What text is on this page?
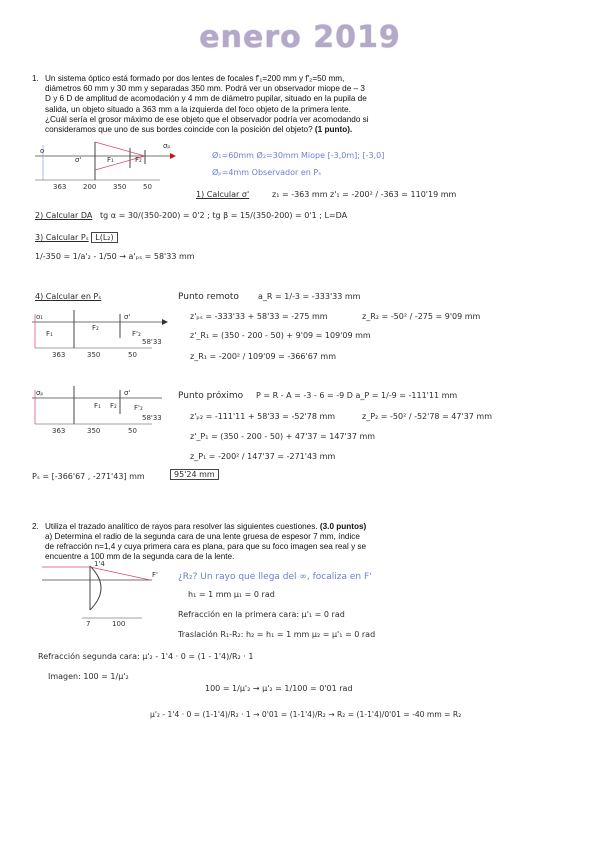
enero 2019
1. Un sistema óptico está formado por dos lentes de focales f'₁=200 mm y f'₂=50 mm, diámetros 60 mm y 30 mm y separadas 350 mm. Podrá ver un observador miope de – 3 D y 6 D de amplitud de acomodación y 4 mm de diámetro pupilar, situado en la pupila de salida, un objeto situado a 363 mm a la izquierda del foco objeto de la primera lente. ¿Cuál sería el grosor máximo de ese objeto que el observador podría ver acomodando si consideramos que uno de sus bordes coincide con la posición del objeto? (1 punto).
o
σ'	F₁	F₂
σₚ
363 200 350 50
Ø₁=60mm Ø₂=30mm Miope [-3,0m]; [-3,0]
Øₚ=4mm Observador en Pₛ
1) Calcular σ'	z₁ = -363 mm z'₁ = -200² / -363 = 110'19 mm
2) Calcular DA tg α = 30/(350-200) = 0'2 ; tg β = 15/(350-200) = 0'1 ; L=DA
3) Calcular Pₛ L(L₂)
1/-350 = 1/a'₂ - 1/50 → a'ₚₛ = 58'33 mm
4) Calcular en Pₛ
o₁
F₁
F₂
F'₂
σ'
363	350	50
58'33
Punto remoto a_R = 1/-3 = -333'33 mm
z'ₚₛ = -333'33 + 58'33 = -275 mm	z_R₂ = -50² / -275 = 9'09 mm
z'_R₁ = (350 - 200 - 50) + 9'09 = 109'09 mm
z_R₁ = -200² / 109'09 = -366'67 mm
σₚ
F₁ F₂ F'₂
σ'
363	350	50
58'33
Punto próximo P = R - A = -3 - 6 = -9 D a_P = 1/-9 = -111'11 mm
z'ₚ₂ = -111'11 + 58'33 = -52'78 mm	z_P₂ = -50² / -52'78 = 47'37 mm
z'_P₁ = (350 - 200 - 50) + 47'37 = 147'37 mm
z_P₁ = -200² / 147'37 = -271'43 mm
Pₛ = [-366'67 , -271'43] mm	95'24 mm
2. Utiliza el trazado analítico de rayos para resolver las siguientes cuestiones. (3.0 puntos)
a) Determina el radio de la segunda cara de una lente gruesa de espesor 7 mm, índice de refracción n=1,4 y cuya primera cara es plana, para que su foco imagen sea real y se encuentre a 100 mm de la segunda cara de la lente.
F'
1'4
7	100
¿R₂? Un rayo que llega del ∞, focaliza en F'
h₁ = 1 mm μ₁ = 0 rad
Refracción en la primera cara: μ'₁ = 0 rad
Traslación R₁-R₂: h₂ = h₁ = 1 mm μ₂ = μ'₁ = 0 rad
Refracción segunda cara: μ'₂ - 1'4 · 0 = (1 - 1'4)/R₂ · 1
Imagen: 100 = 1/μ'₂
100 = 1/μ'₂ → μ'₂ = 1/100 = 0'01 rad
μ'₂ - 1'4 · 0 = (1-1'4)/R₂ · 1 → 0'01 = (1-1'4)/R₂ → R₂ = (1-1'4)/0'01 = -40 mm = R₂
